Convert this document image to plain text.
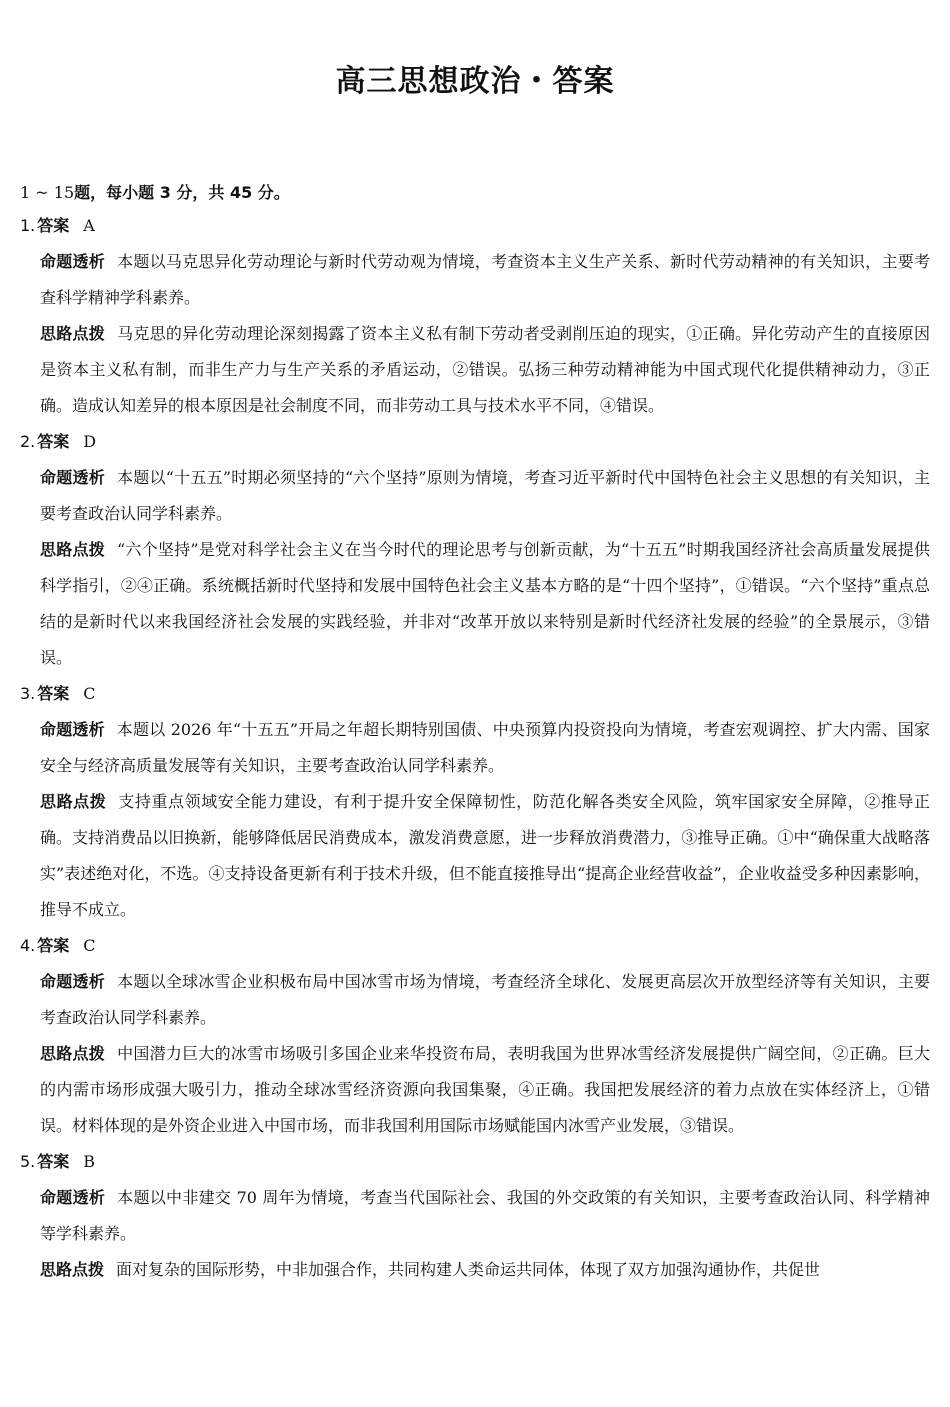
高三思想政治・答案
1 ~ 15题，每小题 3 分，共 45 分。
1. 答案 A
命题透析 本题以马克思异化劳动理论与新时代劳动观为情境，考查资本主义生产关系、新时代劳动精神的有关知识，主要考查科学精神学科素养。
思路点拨 马克思的异化劳动理论深刻揭露了资本主义私有制下劳动者受剥削压迫的现实，①正确。异化劳动产生的直接原因是资本主义私有制，而非生产力与生产关系的矛盾运动，②错误。弘扬三种劳动精神能为中国式现代化提供精神动力，③正确。造成认知差异的根本原因是社会制度不同，而非劳动工具与技术水平不同，④错误。
2. 答案 D
命题透析 本题以“十五五”时期必须坚持的“六个坚持”原则为情境，考查习近平新时代中国特色社会主义思想的有关知识，主要考查政治认同学科素养。
思路点拨 “六个坚持”是党对科学社会主义在当今时代的理论思考与创新贡献，为“十五五”时期我国经济社会高质量发展提供科学指引，②④正确。系统概括新时代坚持和发展中国特色社会主义基本方略的是“十四个坚持”，①错误。“六个坚持”重点总结的是新时代以来我国经济社会发展的实践经验，并非对“改革开放以来特别是新时代经济社发展的经验”的全景展示，③错误。
3. 答案 C
命题透析 本题以 2026 年“十五五”开局之年超长期特别国债、中央预算内投资投向为情境，考查宏观调控、扩大内需、国家安全与经济高质量发展等有关知识，主要考查政治认同学科素养。
思路点拨 支持重点领域安全能力建设，有利于提升安全保障韧性，防范化解各类安全风险，筑牢国家安全屏障，②推导正确。支持消费品以旧换新，能够降低居民消费成本，激发消费意愿，进一步释放消费潜力，③推导正确。①中“确保重大战略落实”表述绝对化，不选。④支持设备更新有利于技术升级，但不能直接推导出“提高企业经营收益”，企业收益受多种因素影响，推导不成立。
4. 答案 C
命题透析 本题以全球冰雪企业积极布局中国冰雪市场为情境，考查经济全球化、发展更高层次开放型经济等有关知识，主要考查政治认同学科素养。
思路点拨 中国潜力巨大的冰雪市场吸引多国企业来华投资布局，表明我国为世界冰雪经济发展提供广阔空间，②正确。巨大的内需市场形成强大吸引力，推动全球冰雪经济资源向我国集聚，④正确。我国把发展经济的着力点放在实体经济上，①错误。材料体现的是外资企业进入中国市场，而非我国利用国际市场赋能国内冰雪产业发展，③错误。
5. 答案 B
命题透析 本题以中非建交 70 周年为情境，考查当代国际社会、我国的外交政策的有关知识，主要考查政治认同、科学精神等学科素养。
思路点拨 面对复杂的国际形势，中非加强合作，共同构建人类命运共同体，体现了双方加强沟通协作，共促世
